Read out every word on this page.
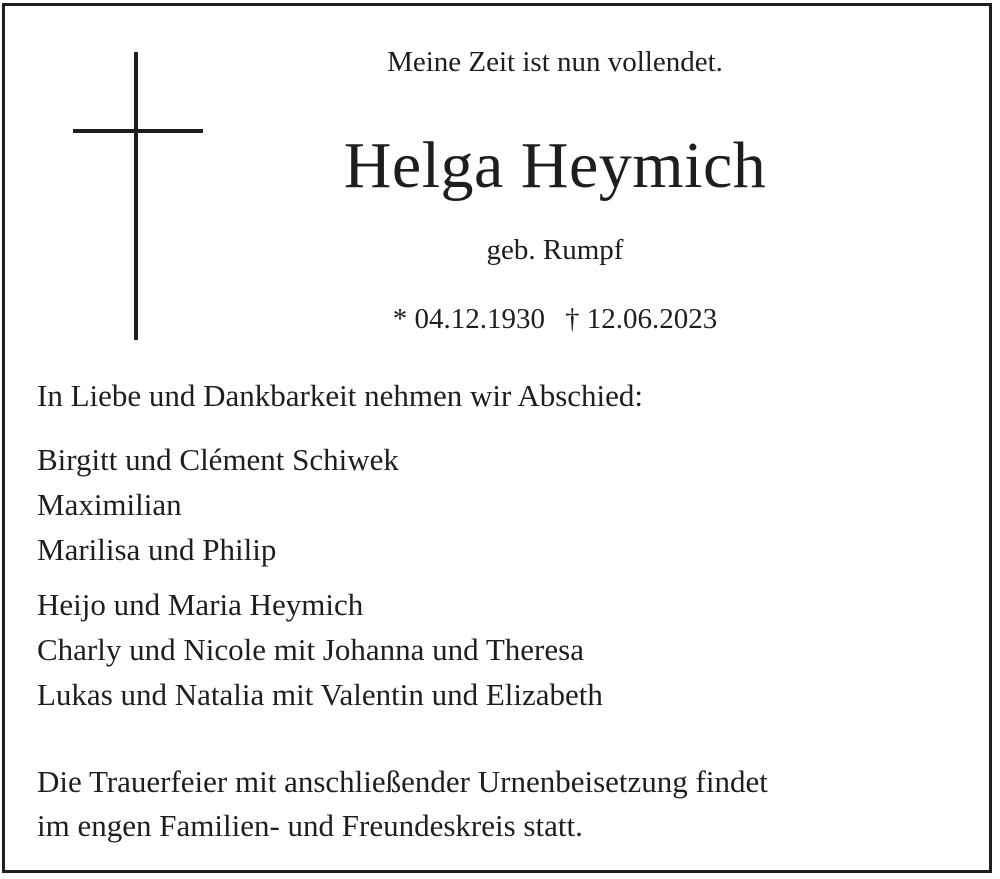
Meine Zeit ist nun vollendet.
Helga Heymich
geb. Rumpf
* 04.12.1930 † 12.06.2023
In Liebe und Dankbarkeit nehmen wir Abschied:
Birgitt und Clément Schiwek
Maximilian
Marilisa und Philip
Heijo und Maria Heymich
Charly und Nicole mit Johanna und Theresa
Lukas und Natalia mit Valentin und Elizabeth
Die Trauerfeier mit anschließender Urnenbeisetzung findet
im engen Familien- und Freundeskreis statt.
